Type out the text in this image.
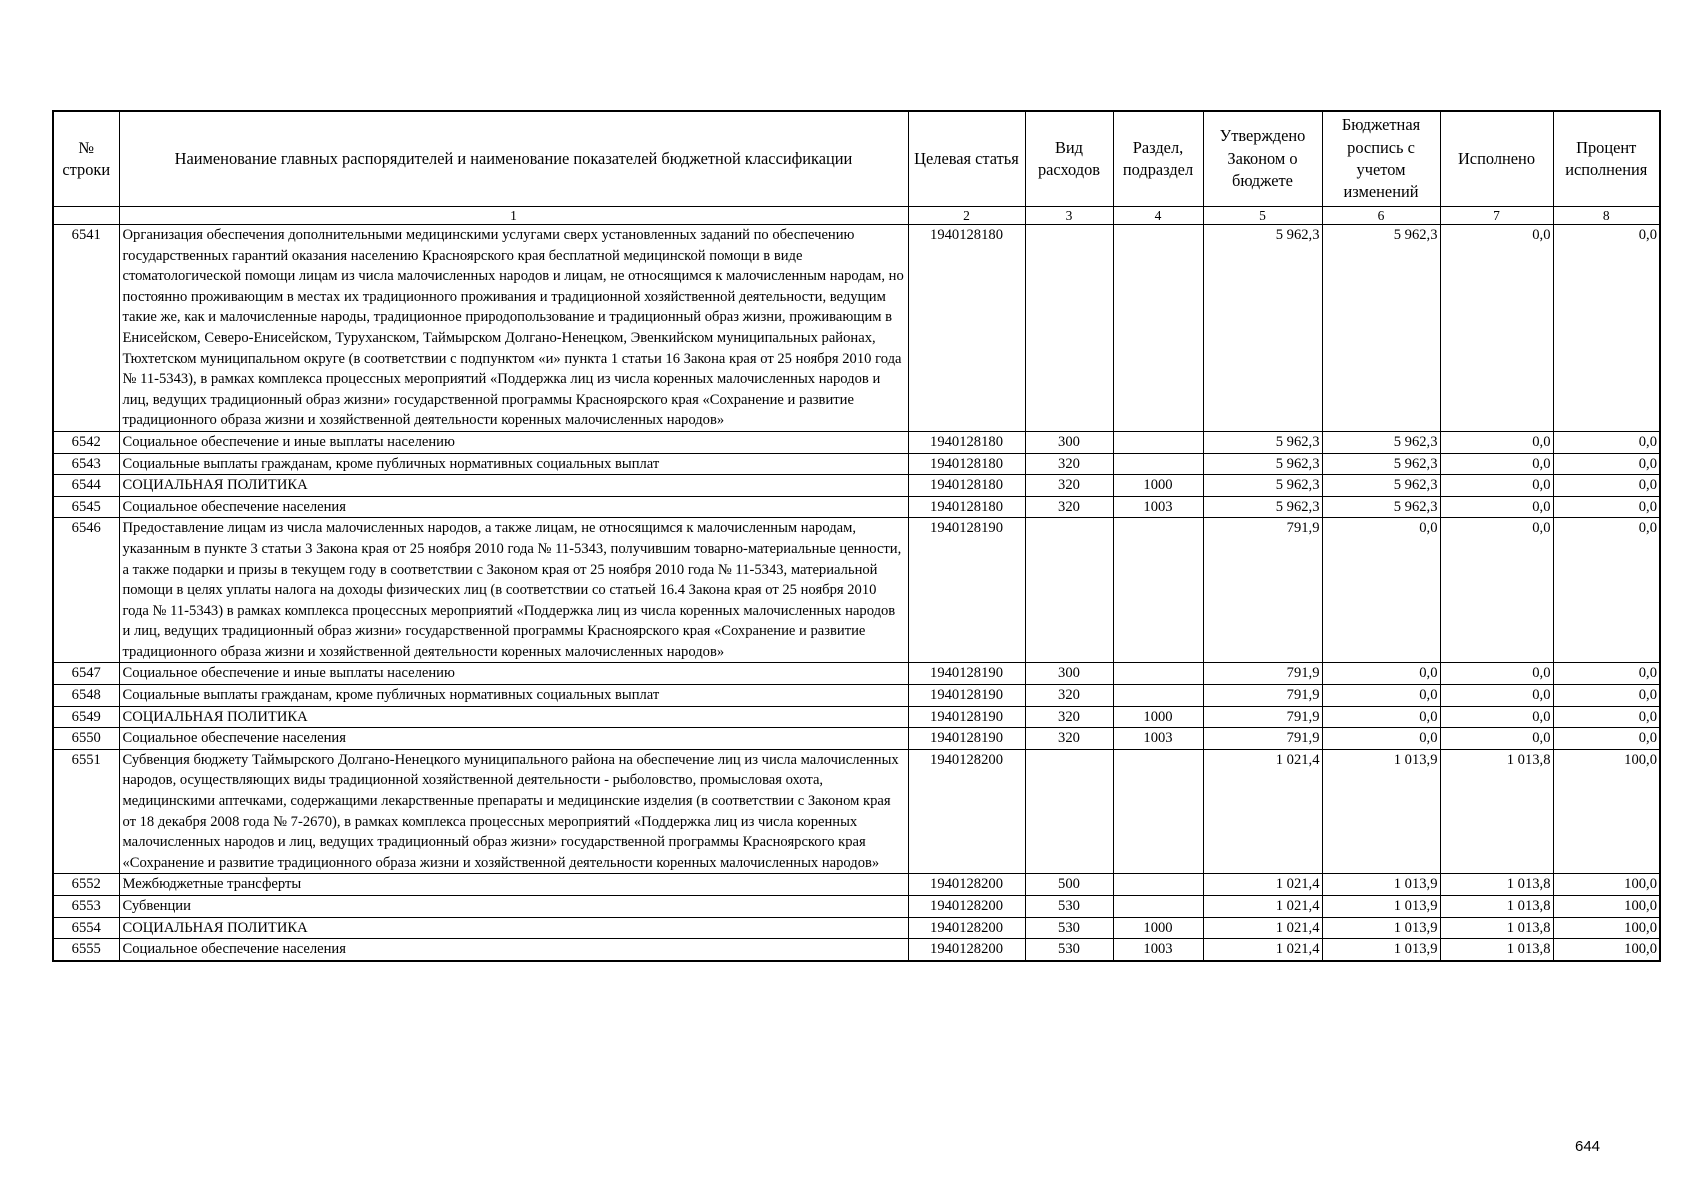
№ строки	Наименование главных распорядителей и наименование показателей бюджетной классификации	Целевая статья	Вид расходов	Раздел, подраздел	Утверждено Законом о бюджете	Бюджетная роспись с учетом изменений	Исполнено	Процент исполнения
	1	2	3	4	5	6	7	8
6541	Организация обеспечения дополнительными медицинскими услугами сверх установленных заданий по обеспечению государственных гарантий оказания населению Красноярского края бесплатной медицинской помощи в виде стоматологической помощи лицам из числа малочисленных народов и лицам, не относящимся к малочисленным народам, но постоянно проживающим в местах их традиционного проживания и традиционной хозяйственной деятельности, ведущим такие же, как и малочисленные народы, традиционное природопользование и традиционный образ жизни, проживающим в Енисейском, Северо-Енисейском, Туруханском, Таймырском Долгано-Ненецком, Эвенкийском муниципальных районах, Тюхтетском муниципальном округе (в соответствии с подпунктом «и» пункта 1 статьи 16 Закона края от 25 ноября 2010 года № 11-5343), в рамках комплекса процессных мероприятий «Поддержка лиц из числа коренных малочисленных народов и лиц, ведущих традиционный образ жизни» государственной программы Красноярского края «Сохранение и развитие традиционного образа жизни и хозяйственной деятельности коренных малочисленных народов»	1940128180			5 962,3	5 962,3	0,0	0,0
6542	Социальное обеспечение и иные выплаты населению	1940128180	300		5 962,3	5 962,3	0,0	0,0
6543	Социальные выплаты гражданам, кроме публичных нормативных социальных выплат	1940128180	320		5 962,3	5 962,3	0,0	0,0
6544	СОЦИАЛЬНАЯ ПОЛИТИКА	1940128180	320	1000	5 962,3	5 962,3	0,0	0,0
6545	Социальное обеспечение населения	1940128180	320	1003	5 962,3	5 962,3	0,0	0,0
6546	Предоставление лицам из числа малочисленных народов, а также лицам, не относящимся к малочисленным народам, указанным в пункте 3 статьи 3 Закона края от 25 ноября 2010 года № 11-5343, получившим товарно-материальные ценности, а также подарки и призы в текущем году в соответствии с Законом края от 25 ноября 2010 года № 11-5343, материальной помощи в целях уплаты налога на доходы физических лиц (в соответствии со статьей 16.4 Закона края от 25 ноября 2010 года № 11-5343) в рамках комплекса процессных мероприятий «Поддержка лиц из числа коренных малочисленных народов и лиц, ведущих традиционный образ жизни» государственной программы Красноярского края «Сохранение и развитие традиционного образа жизни и хозяйственной деятельности коренных малочисленных народов»	1940128190			791,9	0,0	0,0	0,0
6547	Социальное обеспечение и иные выплаты населению	1940128190	300		791,9	0,0	0,0	0,0
6548	Социальные выплаты гражданам, кроме публичных нормативных социальных выплат	1940128190	320		791,9	0,0	0,0	0,0
6549	СОЦИАЛЬНАЯ ПОЛИТИКА	1940128190	320	1000	791,9	0,0	0,0	0,0
6550	Социальное обеспечение населения	1940128190	320	1003	791,9	0,0	0,0	0,0
6551	Субвенция бюджету Таймырского Долгано-Ненецкого муниципального района на обеспечение лиц из числа малочисленных народов, осуществляющих виды традиционной хозяйственной деятельности - рыболовство, промысловая охота, медицинскими аптечками, содержащими лекарственные препараты и медицинские изделия (в соответствии с Законом края от 18 декабря 2008 года № 7-2670), в рамках комплекса процессных мероприятий «Поддержка лиц из числа коренных малочисленных народов и лиц, ведущих традиционный образ жизни» государственной программы Красноярского края «Сохранение и развитие традиционного образа жизни и хозяйственной деятельности коренных малочисленных народов»	1940128200			1 021,4	1 013,9	1 013,8	100,0
6552	Межбюджетные трансферты	1940128200	500		1 021,4	1 013,9	1 013,8	100,0
6553	Субвенции	1940128200	530		1 021,4	1 013,9	1 013,8	100,0
6554	СОЦИАЛЬНАЯ ПОЛИТИКА	1940128200	530	1000	1 021,4	1 013,9	1 013,8	100,0
6555	Социальное обеспечение населения	1940128200	530	1003	1 021,4	1 013,9	1 013,8	100,0
644
